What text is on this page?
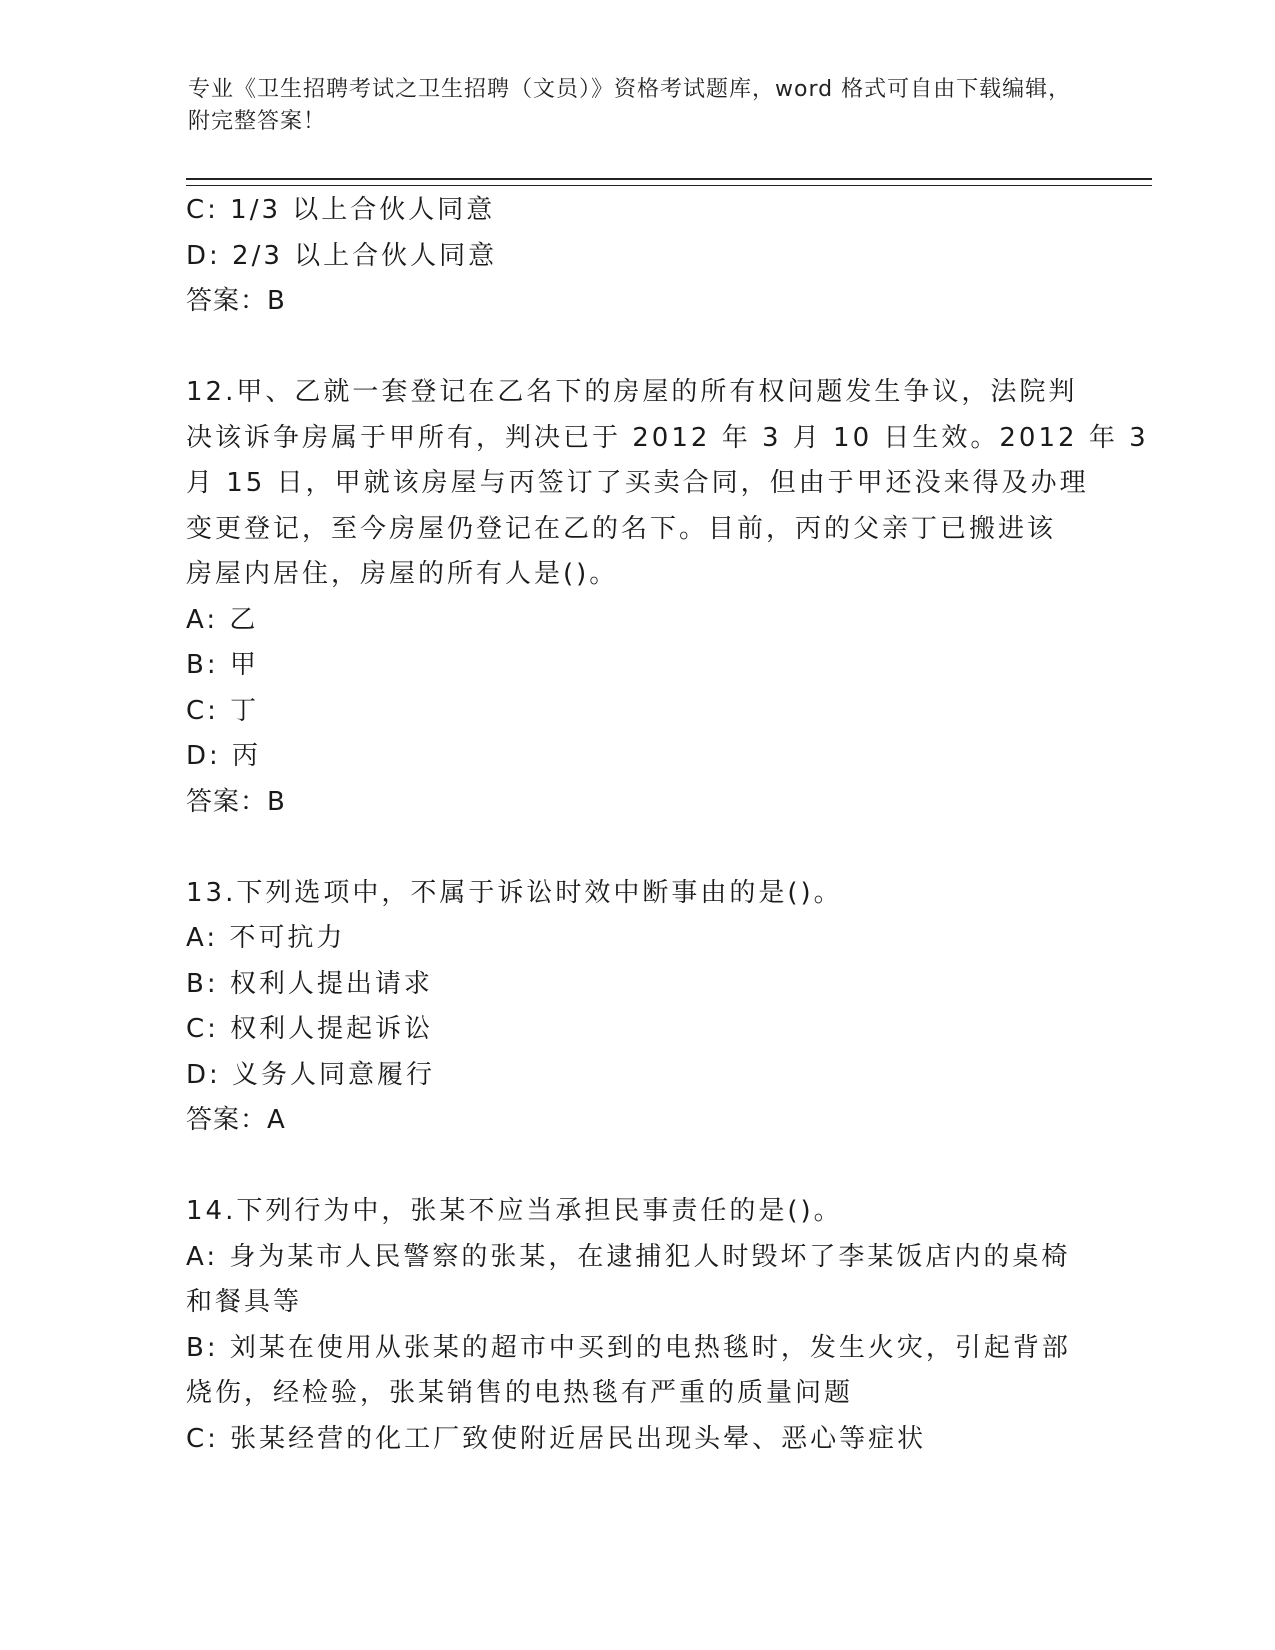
专业《卫生招聘考试之卫生招聘（文员）》资格考试题库，word 格式可自由下载编辑，附完整答案！
C: 1/3 以上合伙人同意
D: 2/3 以上合伙人同意
答案：B
12.甲、乙就一套登记在乙名下的房屋的所有权问题发生争议，法院判
决该诉争房属于甲所有，判决已于 2012 年 3 月 10 日生效。2012 年 3
月 15 日，甲就该房屋与丙签订了买卖合同，但由于甲还没来得及办理
变更登记，至今房屋仍登记在乙的名下。目前，丙的父亲丁已搬进该
房屋内居住，房屋的所有人是()。
A: 乙
B: 甲
C: 丁
D: 丙
答案：B
13.下列选项中，不属于诉讼时效中断事由的是()。
A: 不可抗力
B: 权利人提出请求
C: 权利人提起诉讼
D: 义务人同意履行
答案：A
14.下列行为中，张某不应当承担民事责任的是()。
A: 身为某市人民警察的张某，在逮捕犯人时毁坏了李某饭店内的桌椅
和餐具等
B: 刘某在使用从张某的超市中买到的电热毯时，发生火灾，引起背部
烧伤，经检验，张某销售的电热毯有严重的质量问题
C: 张某经营的化工厂致使附近居民出现头晕、恶心等症状
